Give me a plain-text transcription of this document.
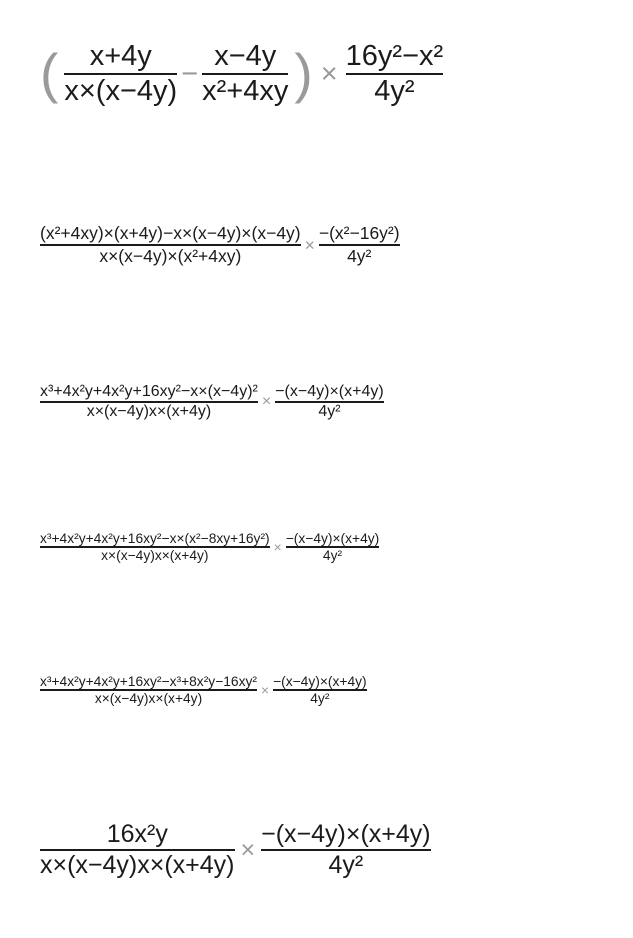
( $\frac{x+4y}{x\times(x-4y)} - \frac{x-4y}{\text{x²+4xy}}$ ) × $\frac{\text{16y²−x²}}{\text{4y²}}$
$\frac{\text{(x²+4xy)×(x+4y)−x×(x−4y)×(x−4y)}}{\text{x×(x−4y)×(x²+4xy)}} \times \frac{\text{−(x²−16y²)}}{\text{4y²}}$
$\frac{\text{x³+4x²y+4x²y+16xy²−x×(x−4y)²}}{x\times(x-4y)x\times(x+4y)} \times \frac{-(x-4y)\times(x+4y)}{\text{4y²}}$
$\frac{\text{x³+4x²y+4x²y+16xy²−x×(x²−8xy+16y²)}}{x\times(x-4y)x\times(x+4y)} \times \frac{-(x-4y)\times(x+4y)}{\text{4y²}}$
$\frac{\text{x³+4x²y+4x²y+16xy²−x³+8x²y−16xy²}}{x\times(x-4y)x\times(x+4y)} \times \frac{-(x-4y)\times(x+4y)}{\text{4y²}}$
$\frac{\text{16x²y}}{x\times(x-4y)x\times(x+4y)} \times \frac{-(x-4y)\times(x+4y)}{\text{4y²}}$
